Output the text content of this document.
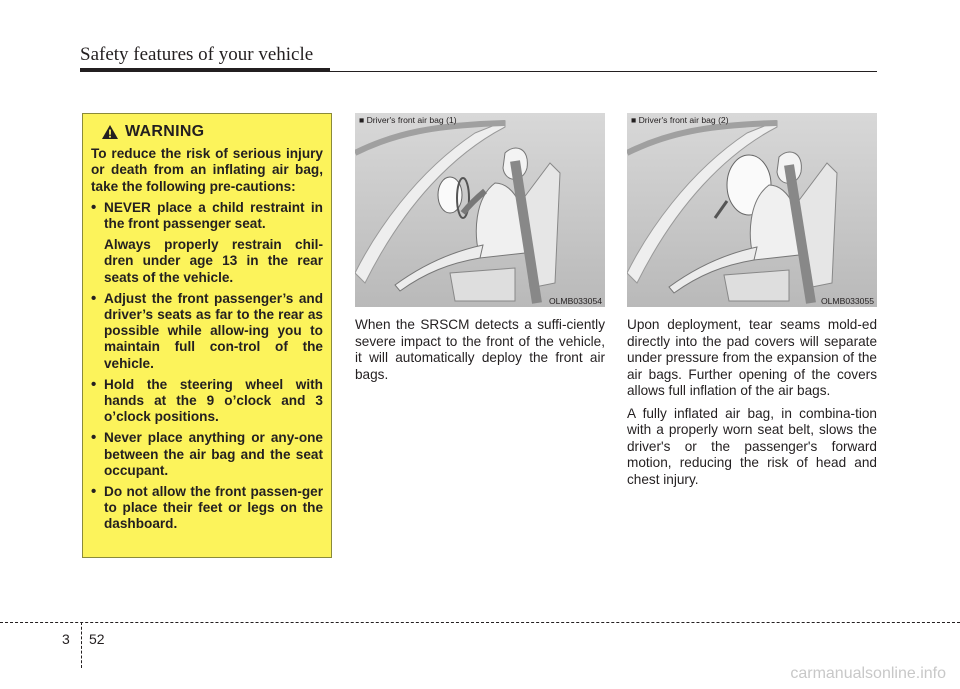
Safety features of your vehicle
WARNING

To reduce the risk of serious injury or death from an inflating air bag, take the following pre-cautions:

• NEVER place a child restraint in the front passenger seat.
Always properly restrain chil-dren under age 13 in the rear seats of the vehicle.
• Adjust the front passenger’s and driver’s seats as far to the rear as possible while allow-ing you to maintain full con-trol of the vehicle.
• Hold the steering wheel with hands at the 9 o’clock and 3 o’clock positions.
• Never place anything or any-one between the air bag and the seat occupant.
• Do not allow the front passen-ger to place their feet or legs on the dashboard.
■ Driver's front air bag (1)
OLMB033054
■ Driver's front air bag (2)
OLMB033055

When the SRSCM detects a suffi-ciently severe impact to the front of the vehicle, it will automatically deploy the front air bags.

Upon deployment, tear seams mold-ed directly into the pad covers will separate under pressure from the expansion of the air bags. Further opening of the covers allows full inflation of the air bags.

A fully inflated air bag, in combina-tion with a properly worn seat belt, slows the driver's or the passenger's forward motion, reducing the risk of head and chest injury.

3 52
carmanualsonline.info
